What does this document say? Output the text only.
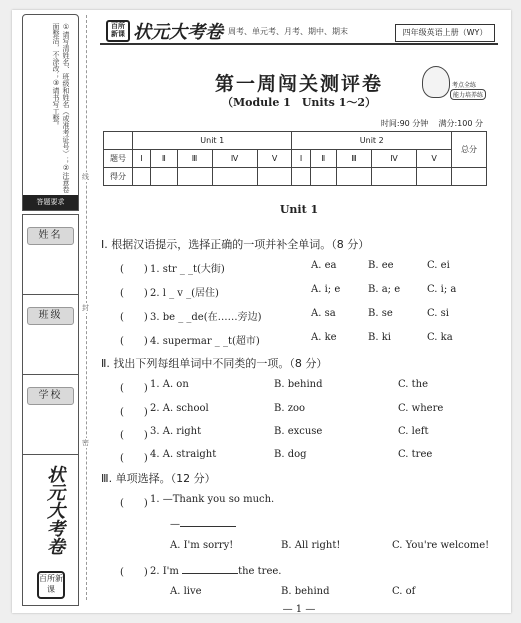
①请写清姓名、班级和姓名（或准考证号）；②注意卷面整洁，不涂改；③请书写工整。
答题要求
姓名
班级
学校
状元大考卷
百所新课
线
封
密
百所新课 状元大考卷 周考、单元考、月考、期中、期末	四年级英语上册（WY）
第一周闯关测评卷
（Module 1　Units 1～2）
考点全练
能力培养练
时间:90 分钟 满分:100 分
	Unit 1					Unit 2					总分
题号	Ⅰ	Ⅱ	Ⅲ	Ⅳ	Ⅴ	Ⅰ	Ⅱ	Ⅲ	Ⅳ	Ⅴ	
得分											
Unit 1
Ⅰ. 根据汉语提示，选择正确的一项并补全单词。（8 分）
(　　) 1. str _ _t(大街)	A. ea	B. ee	C. ei
(　　) 2. l _ v _(居住)	A. i; e	B. a; e	C. i; a
(　　) 3. be _ _de(在……旁边)	A. sa	B. se	C. si
(　　) 4. supermar _ _t(超市)	A. ke	B. ki	C. ka
Ⅱ. 找出下列每组单词中不同类的一项。（8 分）
(　　) 1. A. on	B. behind	C. the
(　　) 2. A. school	B. zoo	C. where
(　　) 3. A. right	B. excuse	C. left
(　　) 4. A. straight	B. dog	C. tree
Ⅲ. 单项选择。（12 分）
(　　) 1. —Thank you so much.
—
A. I'm sorry!	B. All right!	C. You're welcome!
(　　) 2. I'm	the tree.
A. live	B. behind	C. of
— 1 —
